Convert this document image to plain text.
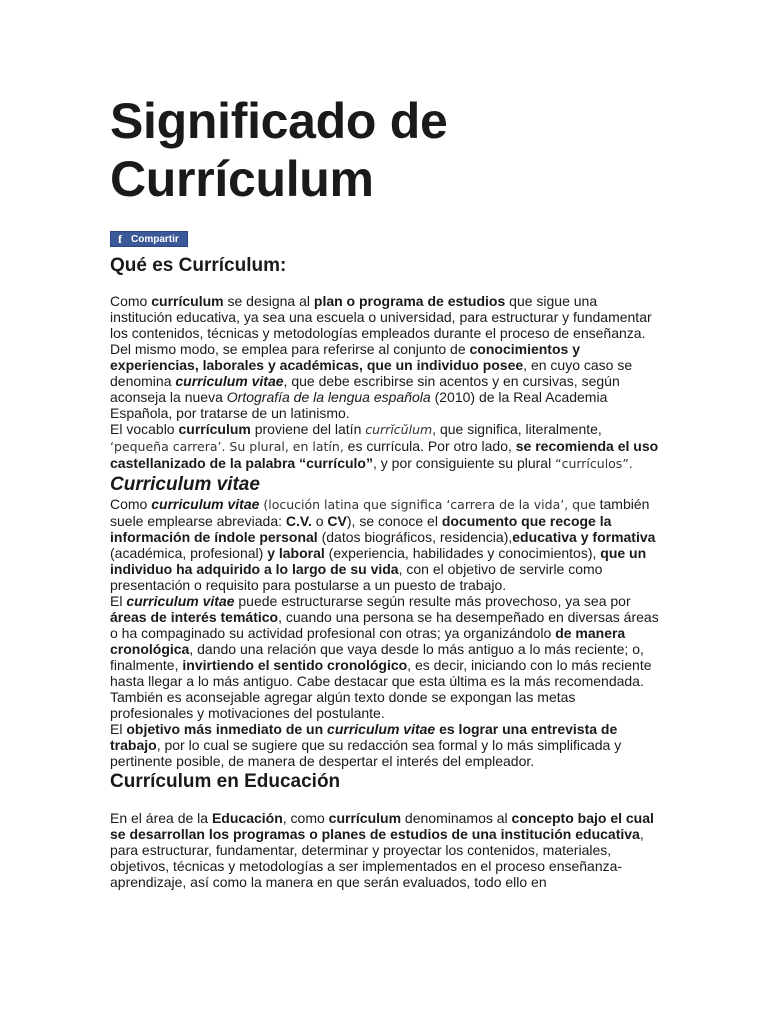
Significado de Currículum
f Compartir
Qué es Currículum:

Como currículum se designa al plan o programa de estudios que sigue una institución educativa, ya sea una escuela o universidad, para estructurar y fundamentar los contenidos, técnicas y metodologías empleados durante el proceso de enseñanza.

Del mismo modo, se emplea para referirse al conjunto de conocimientos y experiencias, laborales y académicas, que un individuo posee, en cuyo caso se denomina curriculum vitae, que debe escribirse sin acentos y en cursivas, según aconseja la nueva Ortografía de la lengua española (2010) de la Real Academia Española, por tratarse de un latinismo.

El vocablo currículum proviene del latín currĭcŭlum, que significa, literalmente, ‘pequeña carrera’. Su plural, en latín, es currícula. Por otro lado, se recomienda el uso castellanizado de la palabra “currículo”, y por consiguiente su plural “currículos”.

Curriculum vitae

Como curriculum vitae (locución latina que significa ‘carrera de la vida’, que también suele emplearse abreviada: C.V. o CV), se conoce el documento que recoge la información de índole personal (datos biográficos, residencia),educativa y formativa (académica, profesional) y laboral (experiencia, habilidades y conocimientos), que un individuo ha adquirido a lo largo de su vida, con el objetivo de servirle como presentación o requisito para postularse a un puesto de trabajo.

El curriculum vitae puede estructurarse según resulte más provechoso, ya sea por áreas de interés temático, cuando una persona se ha desempeñado en diversas áreas o ha compaginado su actividad profesional con otras; ya organizándolo de manera cronológica, dando una relación que vaya desde lo más antiguo a lo más reciente; o, finalmente, invirtiendo el sentido cronológico, es decir, iniciando con lo más reciente hasta llegar a lo más antiguo. Cabe destacar que esta última es la más recomendada. También es aconsejable agregar algún texto donde se expongan las metas profesionales y motivaciones del postulante.

El objetivo más inmediato de un curriculum vitae es lograr una entrevista de trabajo, por lo cual se sugiere que su redacción sea formal y lo más simplificada y pertinente posible, de manera de despertar el interés del empleador.

Currículum en Educación

En el área de la Educación, como currículum denominamos al concepto bajo el cual se desarrollan los programas o planes de estudios de una institución educativa, para estructurar, fundamentar, determinar y proyectar los contenidos, materiales, objetivos, técnicas y metodologías a ser implementados en el proceso enseñanza-aprendizaje, así como la manera en que serán evaluados, todo ello en
